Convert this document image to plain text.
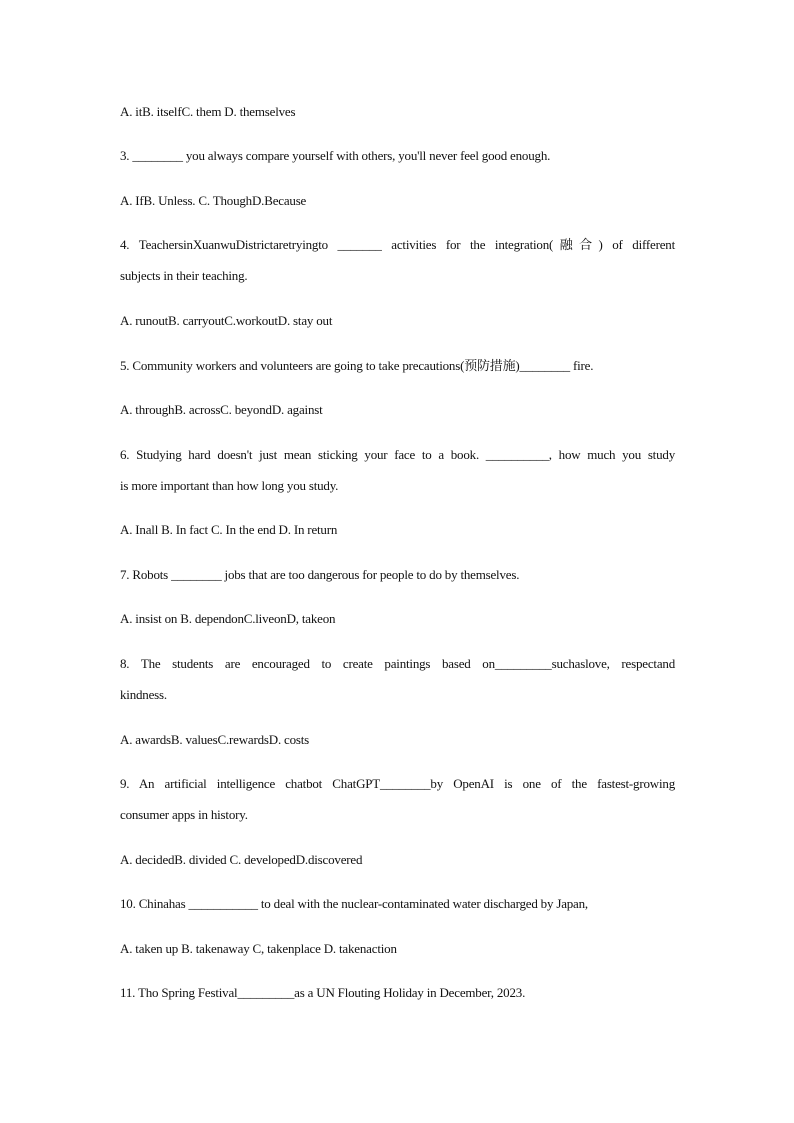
A. itB. itselfC. them D. themselves
3. ________ you always compare yourself with others, you'll never feel good enough.
A. IfB. Unless. C. ThoughD.Because
4. TeachersinXuanwuDistrictaretryingto _______ activities for the integration(融合) of different
subjects in their teaching.
A. runoutB. carryoutC.workoutD. stay out
5. Community workers and volunteers are going to take precautions(预防措施)________ fire.
A. throughB. acrossC. beyondD. against
6. Studying hard doesn't just mean sticking your face to a book. __________, how much you study
is more important than how long you study.
A. Inall B. In fact C. In the end D. In return
7. Robots ________ jobs that are too dangerous for people to do by themselves.
A. insist on B. dependonC.liveonD, takeon
8. The students are encouraged to create paintings based on_________suchaslove, respectand
kindness.
A. awardsB. valuesC.rewardsD. costs
9. An artificial intelligence chatbot ChatGPT________by OpenAI is one of the fastest-growing
consumer apps in history.
A. decidedB. divided C. developedD.discovered
10. Chinahas ___________ to deal with the nuclear-contaminated water discharged by Japan,
A. taken up B. takenaway C, takenplace D. takenaction
11. Tho Spring Festival_________as a UN Flouting Holiday in December, 2023.
